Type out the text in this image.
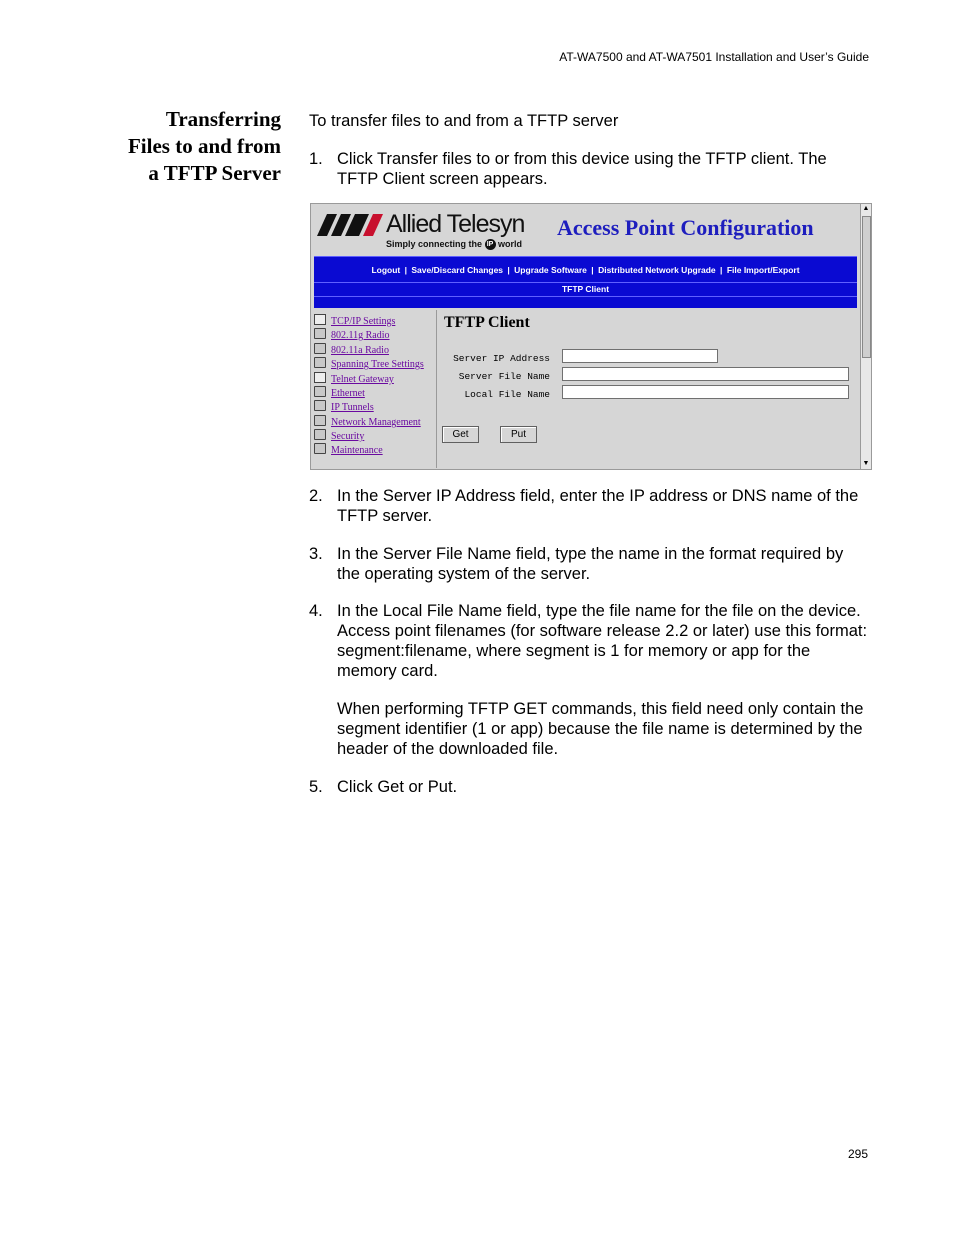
AT-WA7500 and AT-WA7501 Installation and User’s Guide
Transferring
Files to and from
a TFTP Server
To transfer files to and from a TFTP server
1. Click Transfer files to or from this device using the TFTP client. The TFTP Client screen appears.
Allied Telesyn
Simply connecting the IP world
Access Point Configuration
Logout | Save/Discard Changes | Upgrade Software | Distributed Network Upgrade | File Import/Export
TFTP Client
TCP/IP Settings
802.11g Radio
802.11a Radio
Spanning Tree Settings
Telnet Gateway
Ethernet
IP Tunnels
Network Management
Security
Maintenance
TFTP Client
Server IP Address
Server File Name
Local File Name
Get	Put
▲
▼
2. In the Server IP Address field, enter the IP address or DNS name of the TFTP server.
3. In the Server File Name field, type the name in the format required by the operating system of the server.
4. In the Local File Name field, type the file name for the file on the device. Access point filenames (for software release 2.2 or later) use this format: segment:filename, where segment is 1 for memory or app for the memory card.
When performing TFTP GET commands, this field need only contain the segment identifier (1 or app) because the file name is determined by the header of the downloaded file.
5. Click Get or Put.
295
